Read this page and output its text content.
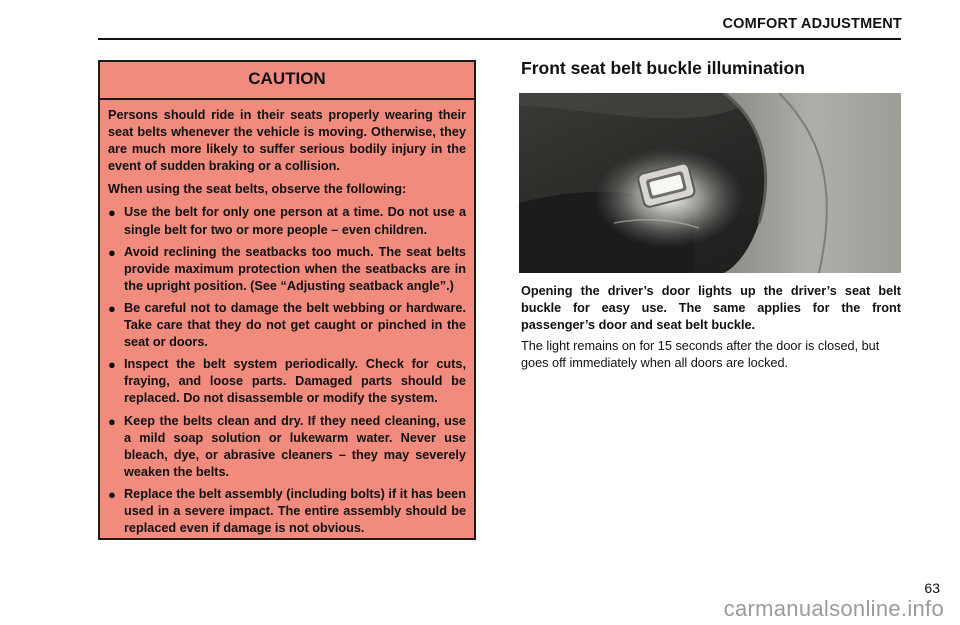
COMFORT ADJUSTMENT
CAUTION

Persons should ride in their seats properly wearing their seat belts whenever the vehicle is moving. Otherwise, they are much more likely to suffer serious bodily injury in the event of sudden braking or a collision.

When using the seat belts, observe the following:

● Use the belt for only one person at a time. Do not use a single belt for two or more people – even children.
● Avoid reclining the seatbacks too much. The seat belts provide maximum protection when the seatbacks are in the upright position. (See “Adjusting seatback angle”.)
● Be careful not to damage the belt webbing or hardware. Take care that they do not get caught or pinched in the seat or doors.
● Inspect the belt system periodically. Check for cuts, fraying, and loose parts. Damaged parts should be replaced. Do not disassemble or modify the system.
● Keep the belts clean and dry. If they need cleaning, use a mild soap solution or lukewarm water. Never use bleach, dye, or abrasive cleaners – they may severely weaken the belts.
● Replace the belt assembly (including bolts) if it has been used in a severe impact. The entire assembly should be replaced even if damage is not obvious.
Front seat belt buckle illumination
Opening the driver’s door lights up the driver’s seat belt buckle for easy use. The same applies for the front passenger’s door and seat belt buckle.
The light remains on for 15 seconds after the door is closed, but goes off immediately when all doors are locked.
63
carmanualsonline.info
